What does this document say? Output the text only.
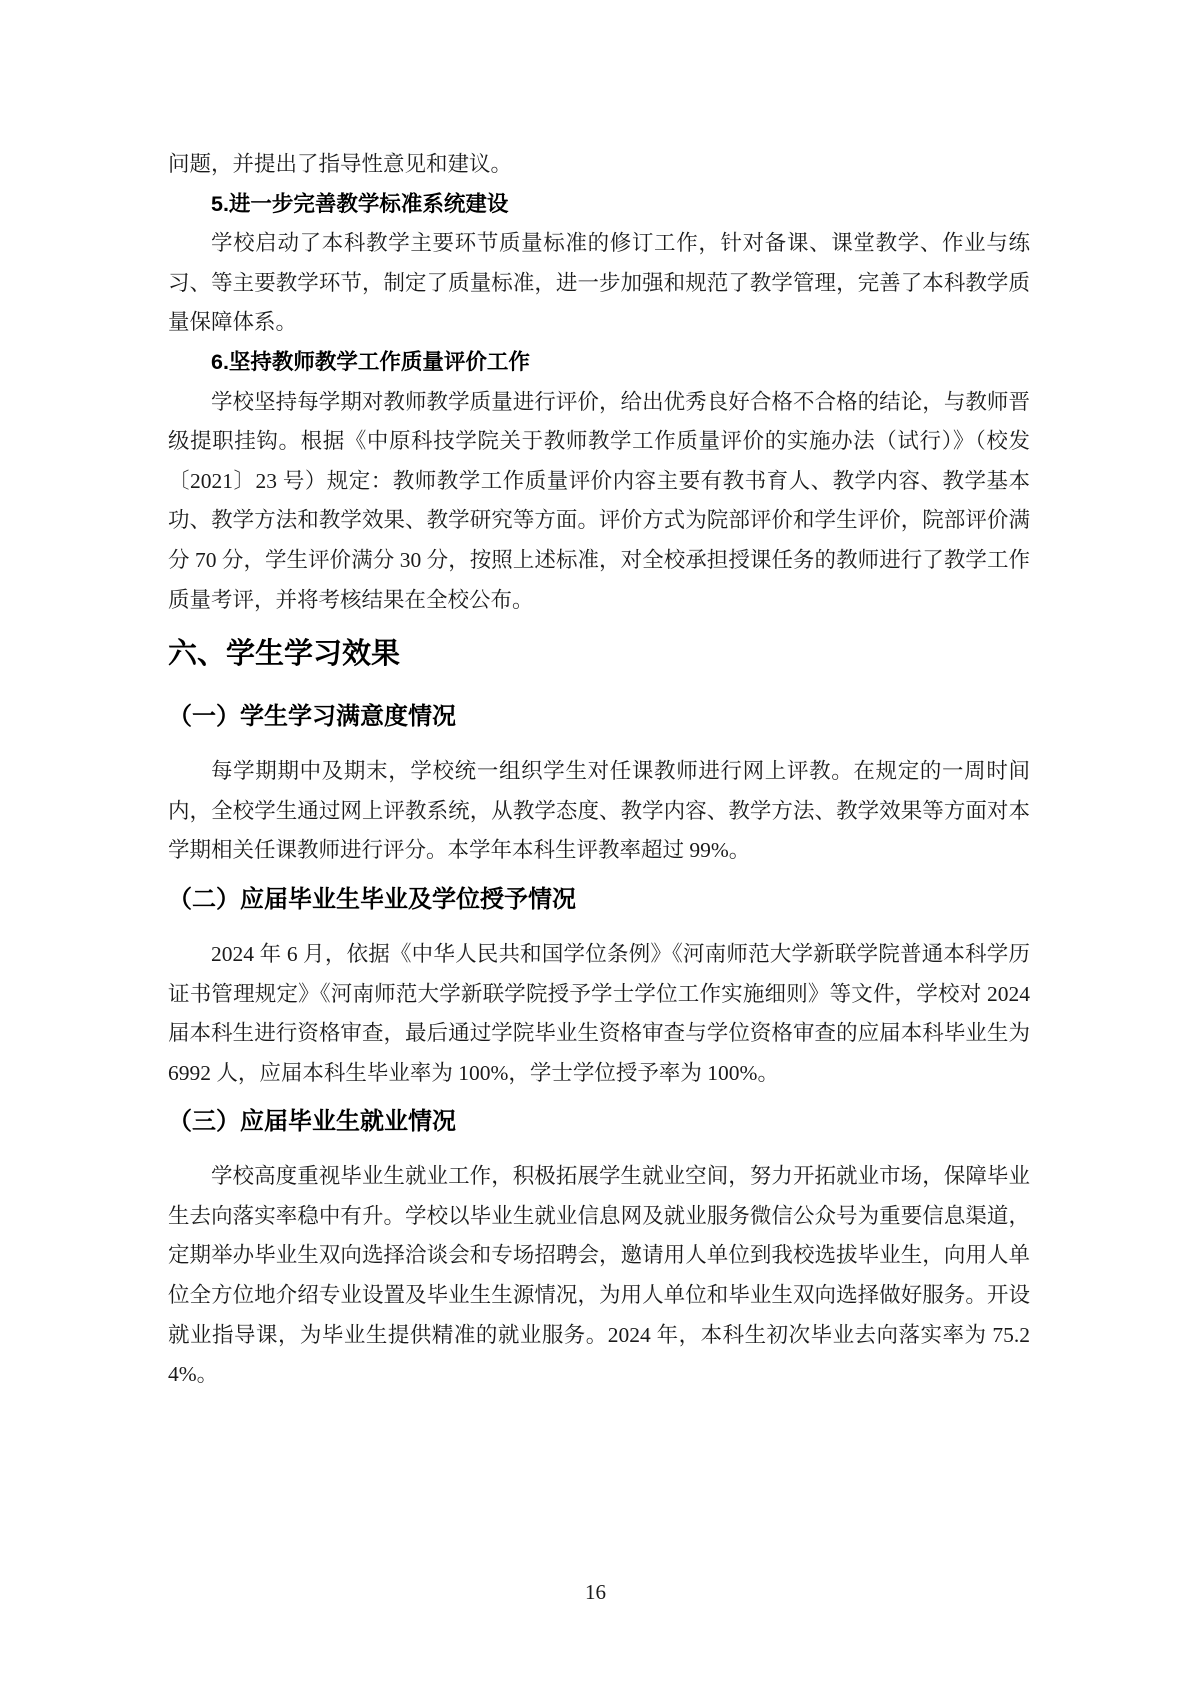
问题，并提出了指导性意见和建议。

5.进一步完善教学标准系统建设

学校启动了本科教学主要环节质量标准的修订工作，针对备课、课堂教学、作业与练习、等主要教学环节，制定了质量标准，进一步加强和规范了教学管理，完善了本科教学质量保障体系。

6.坚持教师教学工作质量评价工作

学校坚持每学期对教师教学质量进行评价，给出优秀良好合格不合格的结论，与教师晋级提职挂钩。根据《中原科技学院关于教师教学工作质量评价的实施办法（试行）》（校发〔2021〕23 号）规定：教师教学工作质量评价内容主要有教书育人、教学内容、教学基本功、教学方法和教学效果、教学研究等方面。评价方式为院部评价和学生评价，院部评价满分 70 分，学生评价满分 30 分，按照上述标准，对全校承担授课任务的教师进行了教学工作质量考评，并将考核结果在全校公布。

六、学生学习效果
（一）学生学习满意度情况

每学期期中及期末，学校统一组织学生对任课教师进行网上评教。在规定的一周时间内，全校学生通过网上评教系统，从教学态度、教学内容、教学方法、教学效果等方面对本学期相关任课教师进行评分。本学年本科生评教率超过 99%。

（二）应届毕业生毕业及学位授予情况

2024 年 6 月，依据《中华人民共和国学位条例》《河南师范大学新联学院普通本科学历证书管理规定》《河南师范大学新联学院授予学士学位工作实施细则》等文件，学校对 2024 届本科生进行资格审查，最后通过学院毕业生资格审查与学位资格审查的应届本科毕业生为 6992 人，应届本科生毕业率为 100%，学士学位授予率为 100%。

（三）应届毕业生就业情况

学校高度重视毕业生就业工作，积极拓展学生就业空间，努力开拓就业市场，保障毕业生去向落实率稳中有升。学校以毕业生就业信息网及就业服务微信公众号为重要信息渠道，定期举办毕业生双向选择洽谈会和专场招聘会，邀请用人单位到我校选拔毕业生，向用人单位全方位地介绍专业设置及毕业生生源情况，为用人单位和毕业生双向选择做好服务。开设就业指导课，为毕业生提供精准的就业服务。2024 年，本科生初次毕业去向落实率为 75.24%。

16
